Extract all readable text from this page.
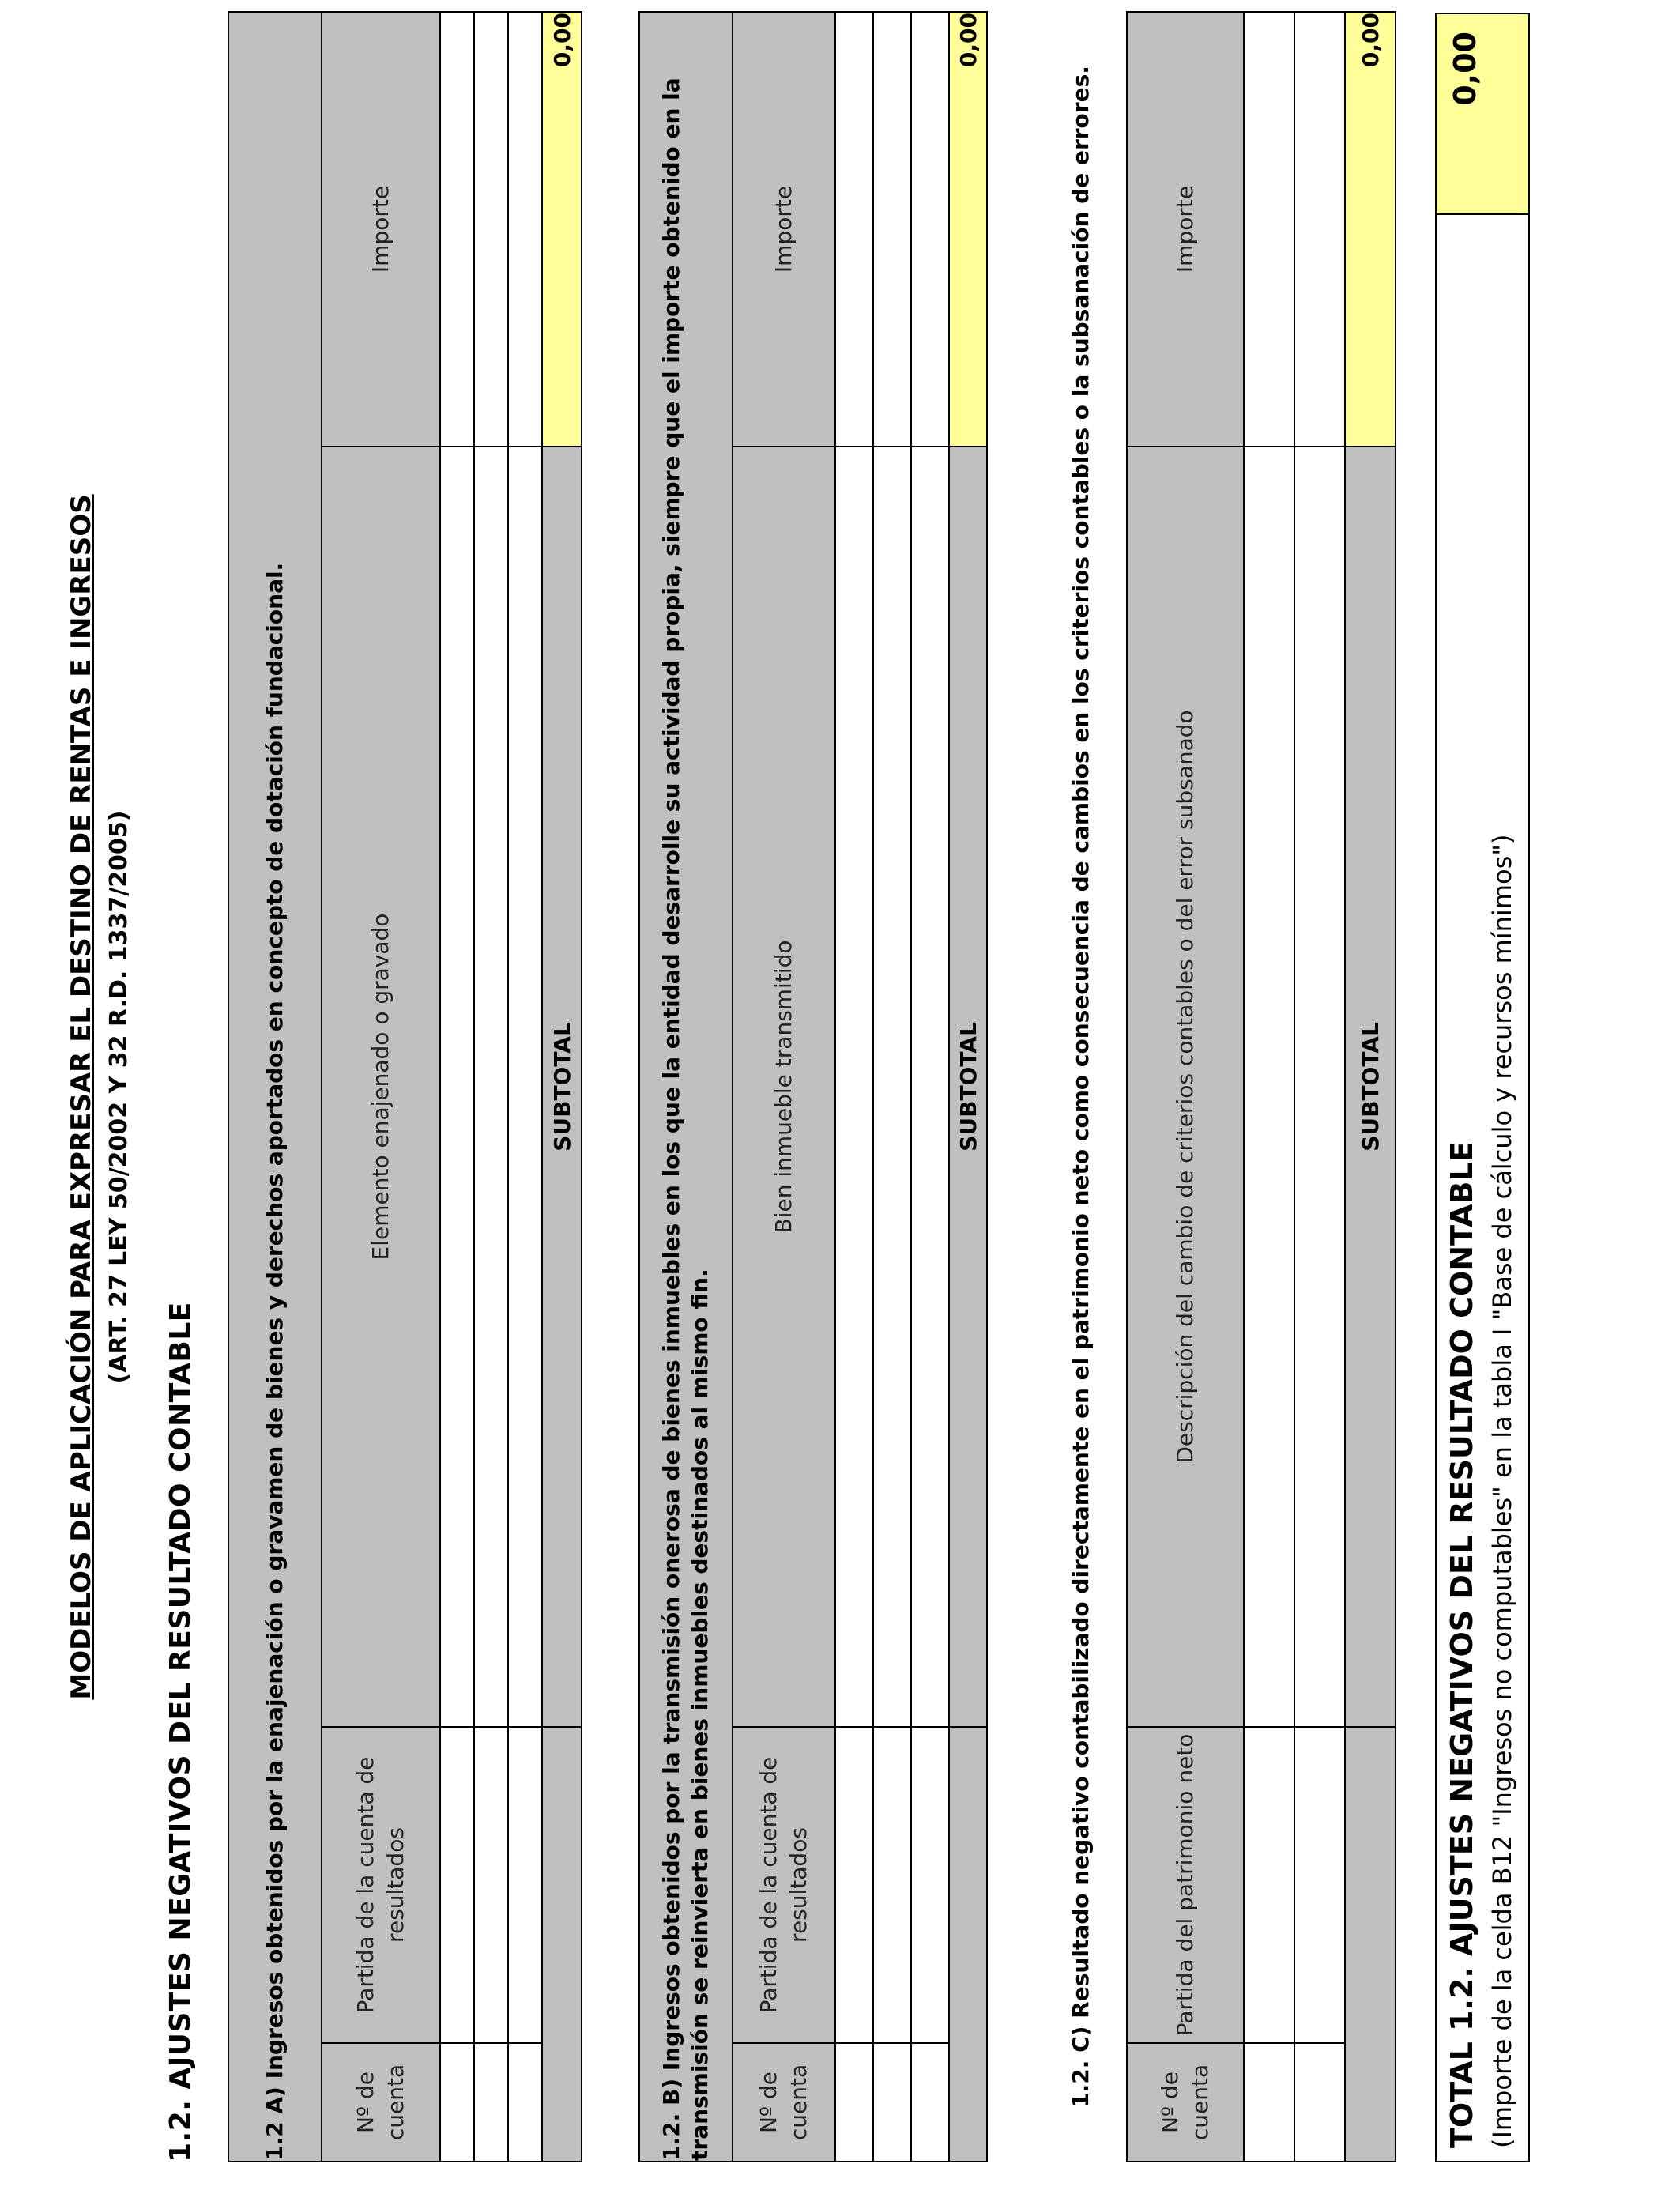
MODELOS DE APLICACIÓN PARA EXPRESAR EL DESTINO DE RENTAS E INGRESOS (ART. 27 LEY 50/2002 Y 32 R.D. 1337/2005)
1.2. AJUSTES NEGATIVOS DEL RESULTADO CONTABLE	1.2 A) Ingresos obtenidos por la enajenación o gravamen de bienes y derechos aportados en concepto de dotación fundacional.			
Nº de cuenta	Partida de la cuenta de resultados	Elemento enajenado o gravado	Importe

		SUBTOTAL	0,00
1.2. B) Ingresos obtenidos por la transmisión onerosa de bienes inmuebles en los que la entidad desarrolle su actividad propia, siempre que el importe obtenido en la transmisión se reinvierta en bienes inmuebles destinados al mismo fin.			
Nº de cuenta	Partida de la cuenta de resultados	Bien inmueble transmitido	Importe

		SUBTOTAL	0,00
1.2. C) Resultado negativo contabilizado directamente en el patrimonio neto como consecuencia de cambios en los criterios contables o la subsanación de errores.			
Nº de cuenta	Partida del patrimonio neto	Descripción del cambio de criterios contables o del error subsanado	Importe

		SUBTOTAL	0,00
TOTAL 1.2. AJUSTES NEGATIVOS DEL RESULTADO CONTABLE (Importe de la celda B12 "Ingresos no computables" en la tabla I "Base de cálculo y recursos mínimos")
0,00
